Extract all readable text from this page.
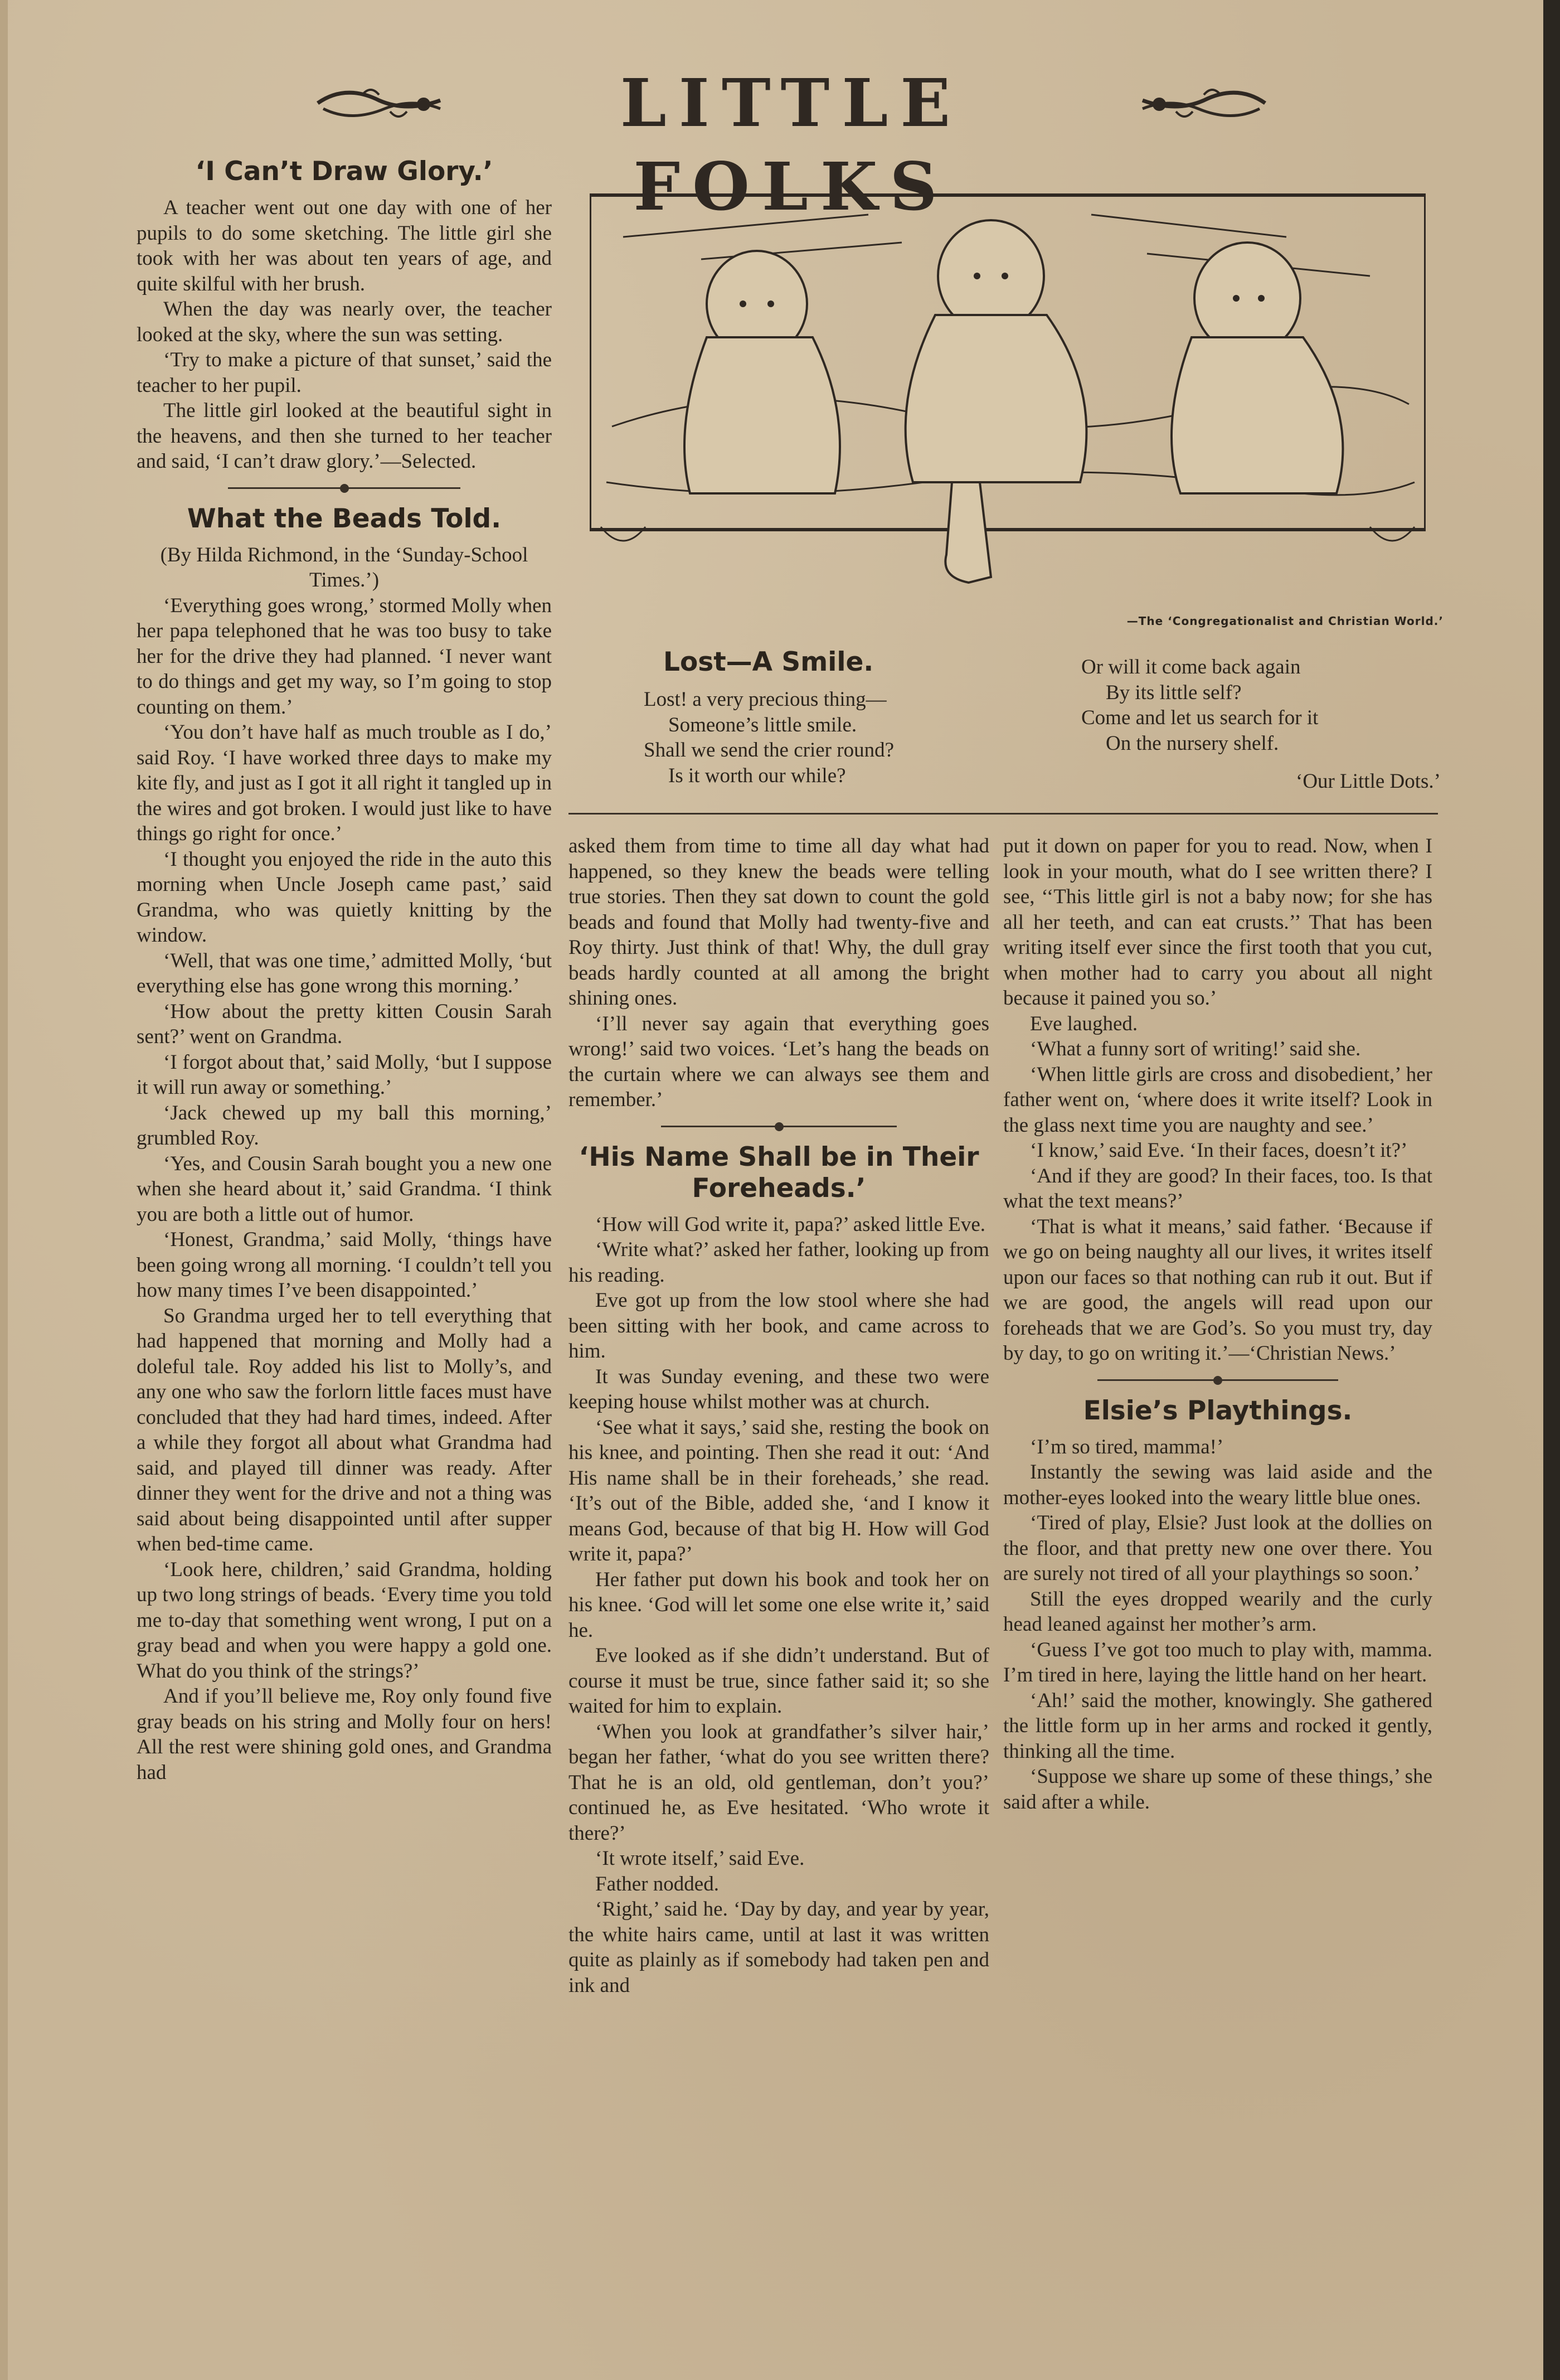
LITTLE FOLKS
‘I Can’t Draw Glory.’

A teacher went out one day with one of her pupils to do some sketching. The little girl she took with her was about ten years of age, and quite skilful with her brush.

When the day was nearly over, the teacher looked at the sky, where the sun was setting.

‘Try to make a picture of that sunset,’ said the teacher to her pupil.

The little girl looked at the beautiful sight in the heavens, and then she turned to her teacher and said, ‘I can’t draw glory.’—Selected.

What the Beads Told.

(By Hilda Richmond, in the ‘Sunday-School Times.’)

‘Everything goes wrong,’ stormed Molly when her papa telephoned that he was too busy to take her for the drive they had planned. ‘I never want to do things and get my way, so I’m going to stop counting on them.’

‘You don’t have half as much trouble as I do,’ said Roy. ‘I have worked three days to make my kite fly, and just as I got it all right it tangled up in the wires and got broken. I would just like to have things go right for once.’

‘I thought you enjoyed the ride in the auto this morning when Uncle Joseph came past,’ said Grandma, who was quietly knitting by the window.

‘Well, that was one time,’ admitted Molly, ‘but everything else has gone wrong this morning.’

‘How about the pretty kitten Cousin Sarah sent?’ went on Grandma.

‘I forgot about that,’ said Molly, ‘but I suppose it will run away or something.’

‘Jack chewed up my ball this morning,’ grumbled Roy.

‘Yes, and Cousin Sarah bought you a new one when she heard about it,’ said Grandma. ‘I think you are both a little out of humor.

‘Honest, Grandma,’ said Molly, ‘things have been going wrong all morning. ‘I couldn’t tell you how many times I’ve been disappointed.’

So Grandma urged her to tell everything that had happened that morning and Molly had a doleful tale. Roy added his list to Molly’s, and any one who saw the forlorn little faces must have concluded that they had hard times, indeed. After a while they forgot all about what Grandma had said, and played till dinner was ready. After dinner they went for the drive and not a thing was said about being disappointed until after supper when bed-time came.

‘Look here, children,’ said Grandma, holding up two long strings of beads. ‘Every time you told me to-day that something went wrong, I put on a gray bead and when you were happy a gold one. What do you think of the strings?’

And if you’ll believe me, Roy only found five gray beads on his string and Molly four on hers! All the rest were shining gold ones, and Grandma had

—The ‘Congregationalist and Christian World.’
Lost—A Smile.
Lost! a very precious thing—
Someone’s little smile.
Shall we send the crier round?
Is it worth our while?
Or will it come back again
By its little self?
Come and let us search for it
On the nursery shelf.
‘Our Little Dots.’

asked them from time to time all day what had happened, so they knew the beads were telling true stories. Then they sat down to count the gold beads and found that Molly had twenty-five and Roy thirty. Just think of that! Why, the dull gray beads hardly counted at all among the bright shining ones.

‘I’ll never say again that everything goes wrong!’ said two voices. ‘Let’s hang the beads on the curtain where we can always see them and remember.’

‘His Name Shall be in Their Foreheads.’

‘How will God write it, papa?’ asked little Eve.

‘Write what?’ asked her father, looking up from his reading.

Eve got up from the low stool where she had been sitting with her book, and came across to him.

It was Sunday evening, and these two were keeping house whilst mother was at church.

‘See what it says,’ said she, resting the book on his knee, and pointing. Then she read it out: ‘And His name shall be in their foreheads,’ she read. ‘It’s out of the Bible, added she, ‘and I know it means God, because of that big H. How will God write it, papa?’

Her father put down his book and took her on his knee. ‘God will let some one else write it,’ said he.

Eve looked as if she didn’t understand. But of course it must be true, since father said it; so she waited for him to explain.

‘When you look at grandfather’s silver hair,’ began her father, ‘what do you see written there? That he is an old, old gentleman, don’t you?’ continued he, as Eve hesitated. ‘Who wrote it there?’

‘It wrote itself,’ said Eve.

Father nodded.

‘Right,’ said he. ‘Day by day, and year by year, the white hairs came, until at last it was written quite as plainly as if somebody had taken pen and ink and

put it down on paper for you to read. Now, when I look in your mouth, what do I see written there? I see, ‘‘This little girl is not a baby now; for she has all her teeth, and can eat crusts.’’ That has been writing itself ever since the first tooth that you cut, when mother had to carry you about all night because it pained you so.’

Eve laughed.

‘What a funny sort of writing!’ said she.

‘When little girls are cross and disobedient,’ her father went on, ‘where does it write itself? Look in the glass next time you are naughty and see.’

‘I know,’ said Eve. ‘In their faces, doesn’t it?’

‘And if they are good? In their faces, too. Is that what the text means?’

‘That is what it means,’ said father. ‘Because if we go on being naughty all our lives, it writes itself upon our faces so that nothing can rub it out. But if we are good, the angels will read upon our foreheads that we are God’s. So you must try, day by day, to go on writing it.’—‘Christian News.’

Elsie’s Playthings.

‘I’m so tired, mamma!’

Instantly the sewing was laid aside and the mother-eyes looked into the weary little blue ones.

‘Tired of play, Elsie? Just look at the dollies on the floor, and that pretty new one over there. You are surely not tired of all your playthings so soon.’

Still the eyes dropped wearily and the curly head leaned against her mother’s arm.

‘Guess I’ve got too much to play with, mamma. I’m tired in here, laying the little hand on her heart.

‘Ah!’ said the mother, knowingly. She gathered the little form up in her arms and rocked it gently, thinking all the time.

‘Suppose we share up some of these things,’ she said after a while.
